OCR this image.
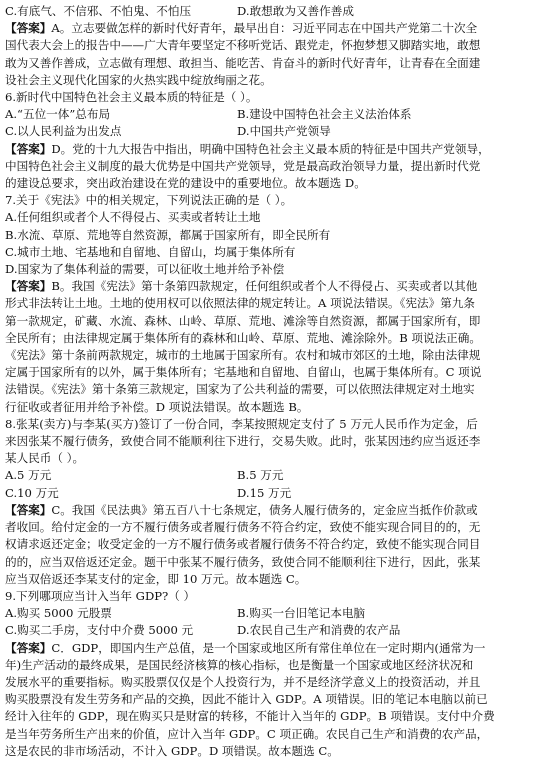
C.有底气、不信邪、不怕鬼、不怕压	D.敢想敢为又善作善成
【答案】A。立志要做怎样的新时代好青年，最早出自：习近平同志在中国共产党第二十次全
国代表大会上的报告中——广大青年要坚定不移听党话、跟党走，怀抱梦想又脚踏实地，敢想
敢为又善作善成，立志做有理想、敢担当、能吃苦、肯奋斗的新时代好青年，让青春在全面建
设社会主义现代化国家的火热实践中绽放绚丽之花。
6.新时代中国特色社会主义最本质的特征是（ ）。
A.“五位一体”总布局	B.建设中国特色社会主义法治体系
C.以人民利益为出发点	D.中国共产党领导
【答案】D。党的十九大报告中指出，明确中国特色社会主义最本质的特征是中国共产党领导，
中国特色社会主义制度的最大优势是中国共产党领导，党是最高政治领导力量，提出新时代党
的建设总要求，突出政治建设在党的建设中的重要地位。故本题选 D。
7.关于《宪法》中的相关规定，下列说法正确的是（ ）。
A.任何组织或者个人不得侵占、买卖或者转让土地
B.水流、草原、荒地等自然资源，都属于国家所有，即全民所有
C.城市土地、宅基地和自留地、自留山，均属于集体所有
D.国家为了集体利益的需要，可以征收土地并给予补偿
【答案】B。我国《宪法》第十条第四款规定，任何组织或者个人不得侵占、买卖或者以其他
形式非法转让土地。土地的使用权可以依照法律的规定转让。A 项说法错误。《宪法》第九条
第一款规定，矿藏、水流、森林、山岭、草原、荒地、滩涂等自然资源，都属于国家所有，即
全民所有；由法律规定属于集体所有的森林和山岭、草原、荒地、滩涂除外。B 项说法正确。
《宪法》第十条前两款规定，城市的土地属于国家所有。农村和城市郊区的土地，除由法律规
定属于国家所有的以外，属于集体所有；宅基地和自留地、自留山，也属于集体所有。C 项说
法错误。《宪法》第十条第三款规定，国家为了公共利益的需要，可以依照法律规定对土地实
行征收或者征用并给予补偿。D 项说法错误。故本题选 B。
8.张某(卖方)与李某(买方)签订了一份合同，李某按照规定支付了 5 万元人民币作为定金，后
来因张某不履行债务，致使合同不能顺利往下进行，交易失败。此时，张某因违约应当返还李
某人民币（ ）。
A.5 万元	B.5 万元
C.10 万元	D.15 万元
【答案】C。我国《民法典》第五百八十七条规定，债务人履行债务的，定金应当抵作价款或
者收回。给付定金的一方不履行债务或者履行债务不符合约定，致使不能实现合同目的的，无
权请求返还定金；收受定金的一方不履行债务或者履行债务不符合约定，致使不能实现合同目
的的，应当双倍返还定金。题干中张某不履行债务，致使合同不能顺利往下进行，因此，张某
应当双倍返还李某支付的定金，即 10 万元。故本题选 C。
9.下列哪项应当计入当年 GDP?（ ）
A.购买 5000 元股票	B.购买一台旧笔记本电脑
C.购买二手房，支付中介费 5000 元	D.农民自己生产和消费的农产品
【答案】C．GDP，即国内生产总值，是一个国家或地区所有常住单位在一定时期内(通常为一
年)生产活动的最终成果，是国民经济核算的核心指标，也是衡量一个国家或地区经济状况和
发展水平的重要指标。购买股票仅仅是个人投资行为，并不是经济学意义上的投资活动，并且
购买股票没有发生劳务和产品的交换，因此不能计入 GDP。A 项错误。旧的笔记本电脑以前已
经计入往年的 GDP，现在购买只是财富的转移，不能计入当年的 GDP。B 项错误。支付中介费
是当年劳务所生产出来的价值，应计入当年 GDP。C 项正确。农民自己生产和消费的农产品，
这是农民的非市场活动，不计入 GDP。D 项错误。故本题选 C。
